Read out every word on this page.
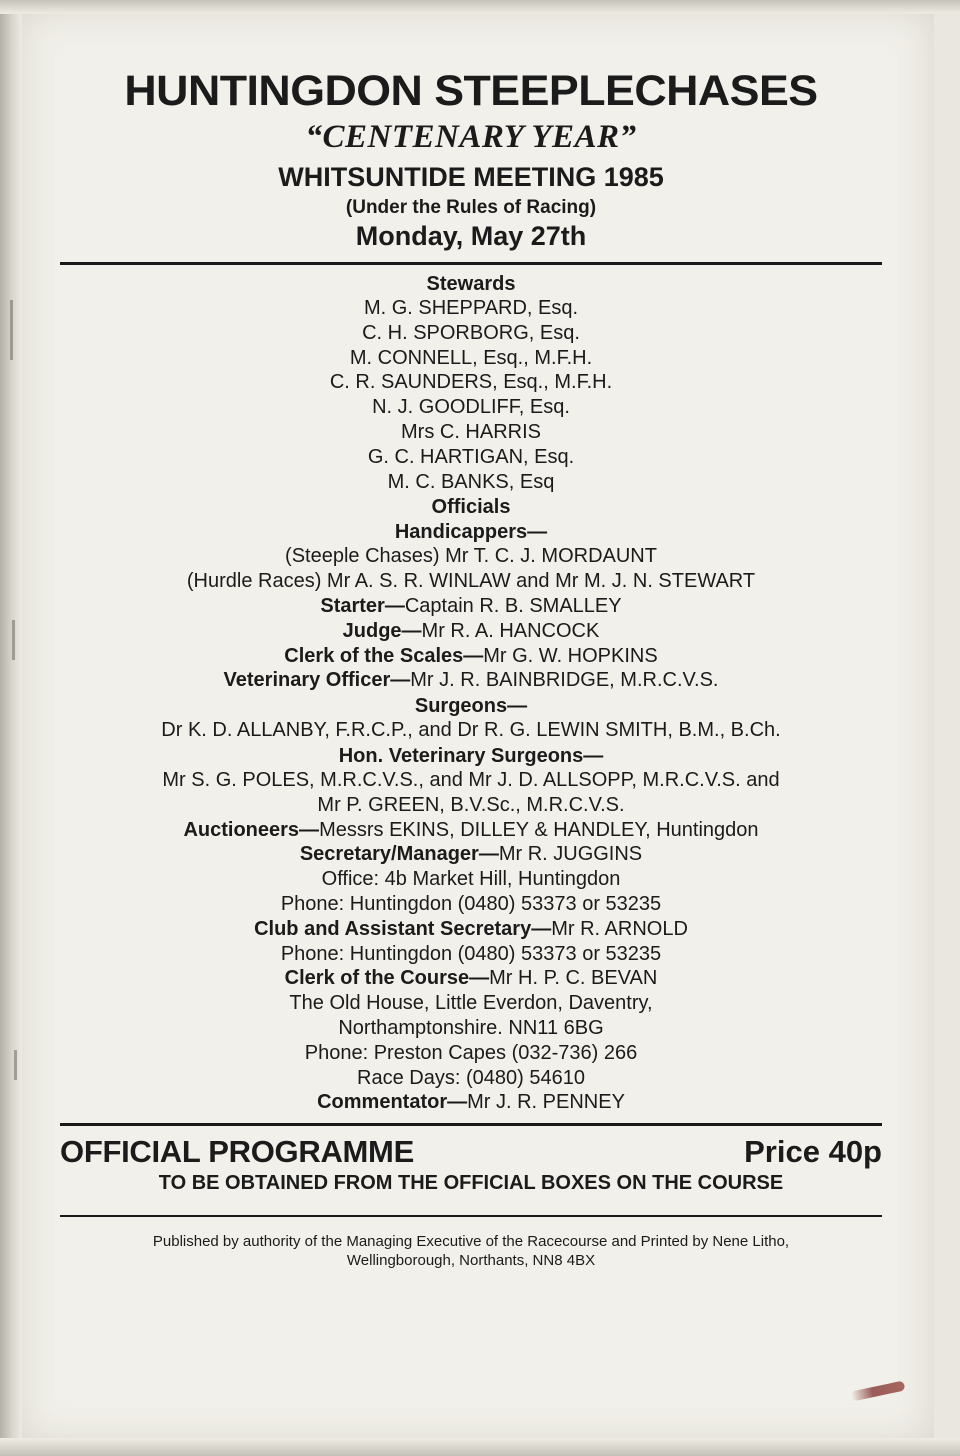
HUNTINGDON STEEPLECHASES
“CENTENARY YEAR”
WHITSUNTIDE MEETING 1985
(Under the Rules of Racing)
Monday, May 27th
Stewards
M. G. SHEPPARD, Esq.
C. H. SPORBORG, Esq.
M. CONNELL, Esq., M.F.H.
C. R. SAUNDERS, Esq., M.F.H.
N. J. GOODLIFF, Esq.
Mrs C. HARRIS
G. C. HARTIGAN, Esq.
M. C. BANKS, Esq
Officials
Handicappers—
(Steeple Chases) Mr T. C. J. MORDAUNT
(Hurdle Races) Mr A. S. R. WINLAW and Mr M. J. N. STEWART
Starter—Captain R. B. SMALLEY
Judge—Mr R. A. HANCOCK
Clerk of the Scales—Mr G. W. HOPKINS
Veterinary Officer—Mr J. R. BAINBRIDGE, M.R.C.V.S.
Surgeons—
Dr K. D. ALLANBY, F.R.C.P., and Dr R. G. LEWIN SMITH, B.M., B.Ch.
Hon. Veterinary Surgeons—
Mr S. G. POLES, M.R.C.V.S., and Mr J. D. ALLSOPP, M.R.C.V.S. and
Mr P. GREEN, B.V.Sc., M.R.C.V.S.
Auctioneers—Messrs EKINS, DILLEY & HANDLEY, Huntingdon
Secretary/Manager—Mr R. JUGGINS
Office: 4b Market Hill, Huntingdon
Phone: Huntingdon (0480) 53373 or 53235
Club and Assistant Secretary—Mr R. ARNOLD
Phone: Huntingdon (0480) 53373 or 53235
Clerk of the Course—Mr H. P. C. BEVAN
The Old House, Little Everdon, Daventry,
Northamptonshire. NN11 6BG
Phone: Preston Capes (032-736) 266
Race Days: (0480) 54610
Commentator—Mr J. R. PENNEY
OFFICIAL PROGRAMME	Price 40p
TO BE OBTAINED FROM THE OFFICIAL BOXES ON THE COURSE
Published by authority of the Managing Executive of the Racecourse and Printed by Nene Litho,
Wellingborough, Northants, NN8 4BX
